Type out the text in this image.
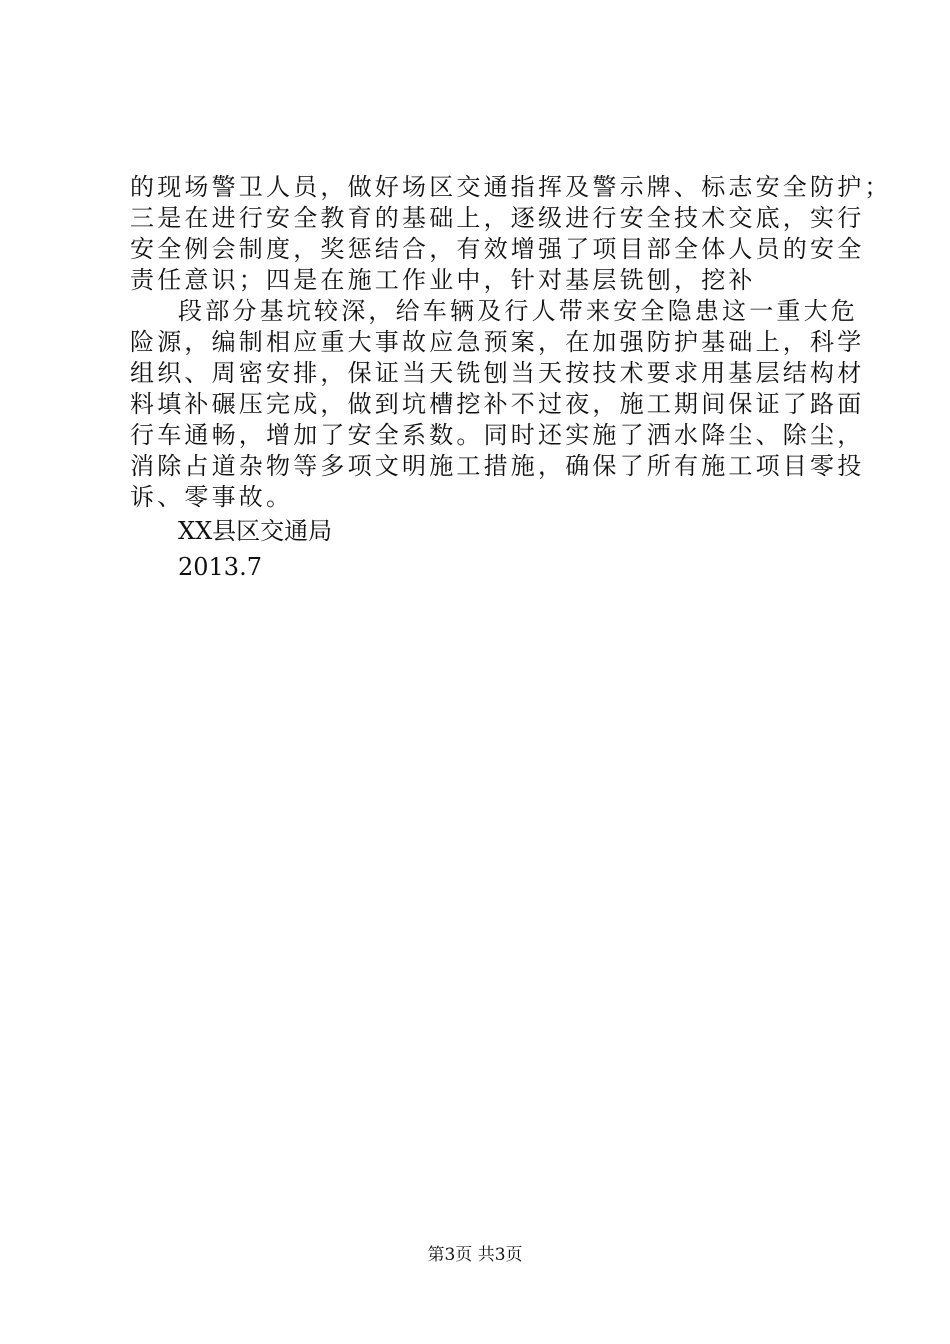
的现场警卫人员，做好场区交通指挥及警示牌、标志安全防护；
三是在进行安全教育的基础上，逐级进行安全技术交底，实行
安全例会制度，奖惩结合，有效增强了项目部全体人员的安全
责任意识；四是在施工作业中，针对基层铣刨，挖补
段部分基坑较深，给车辆及行人带来安全隐患这一重大危
险源，编制相应重大事故应急预案，在加强防护基础上，科学
组织、周密安排，保证当天铣刨当天按技术要求用基层结构材
料填补碾压完成，做到坑槽挖补不过夜，施工期间保证了路面
行车通畅，增加了安全系数。同时还实施了洒水降尘、除尘，
消除占道杂物等多项文明施工措施，确保了所有施工项目零投
诉、零事故。
XX县区交通局
2013.7
第3页 共3页
